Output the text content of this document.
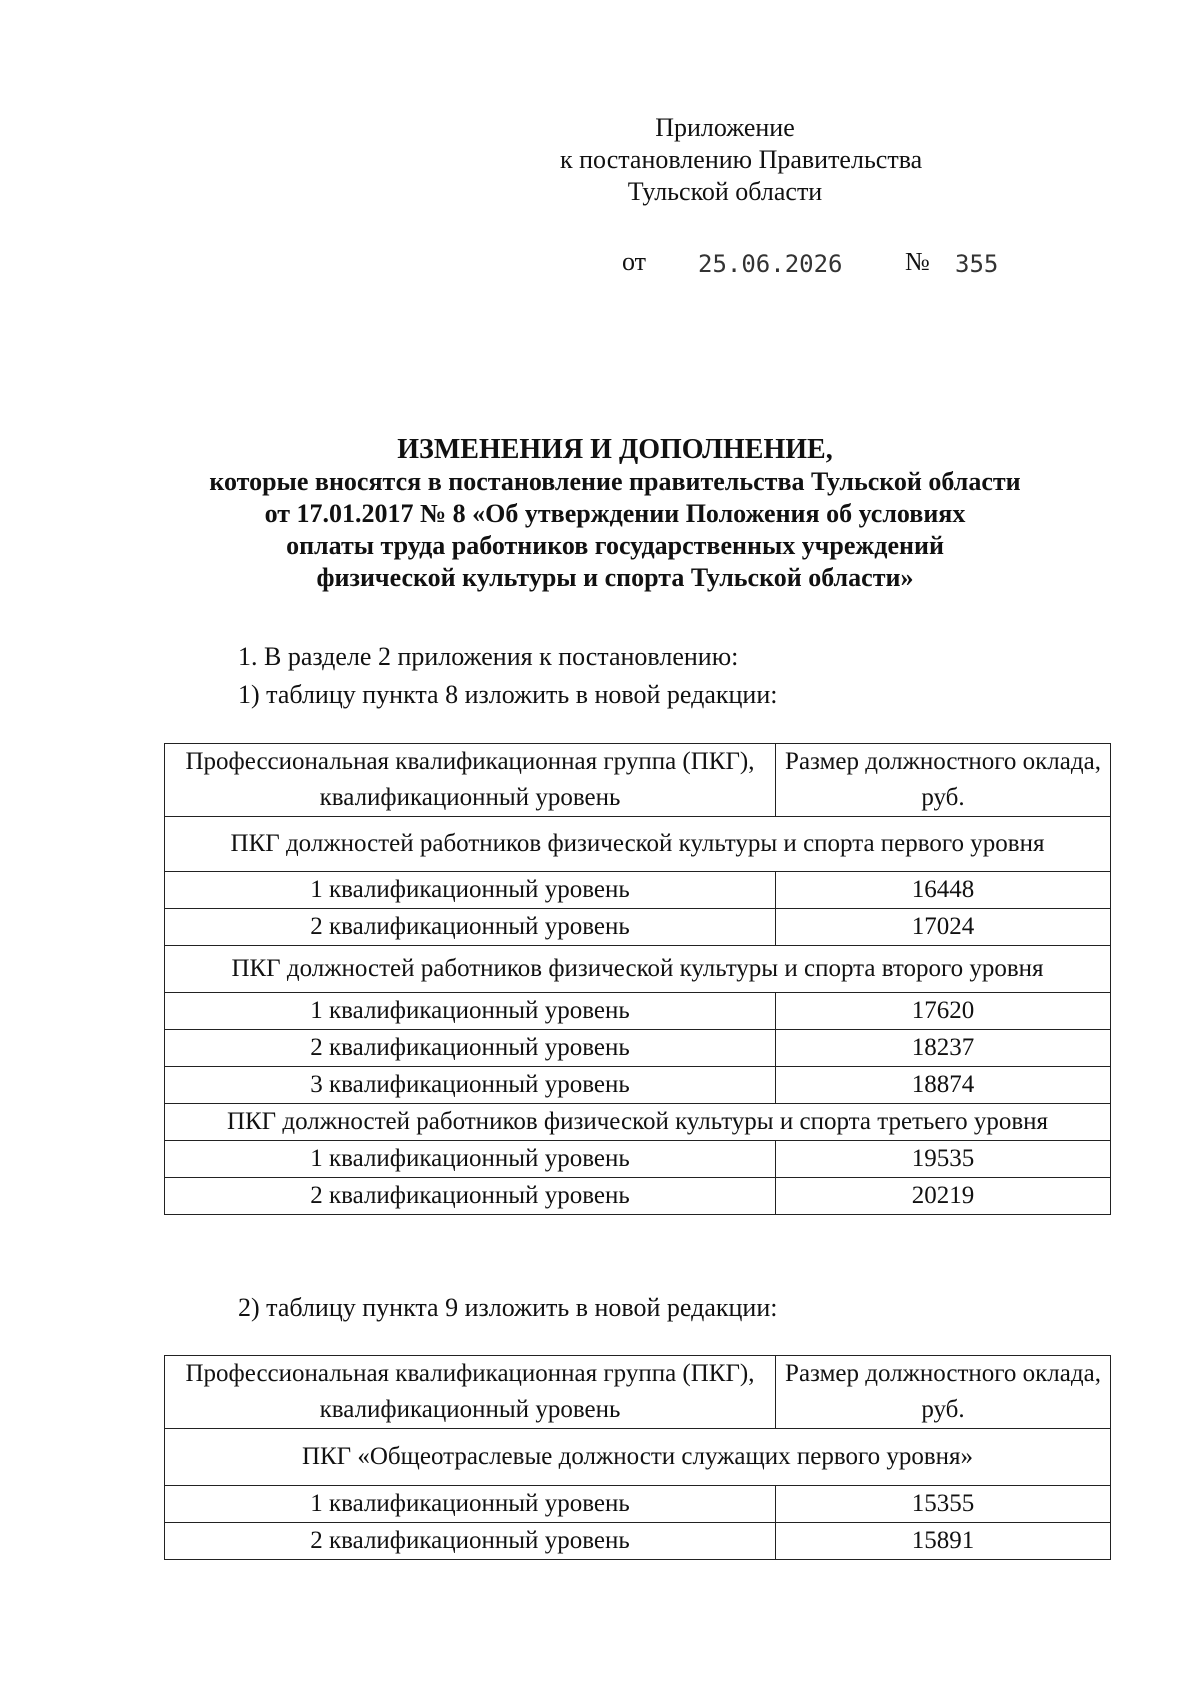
Приложение
к постановлению Правительства
Тульской области
от 25.06.2026 № 355
ИЗМЕНЕНИЯ И ДОПОЛНЕНИЕ,
которые вносятся в постановление правительства Тульской области
от 17.01.2017 № 8 «Об утверждении Положения об условиях
оплаты труда работников государственных учреждений
физической культуры и спорта Тульской области»
1. В разделе 2 приложения к постановлению:
1) таблицу пункта 8 изложить в новой редакции:
Профессиональная квалификационная группа (ПКГ), квалификационный уровень	Размер должностного оклада, руб.
ПКГ должностей работников физической культуры и спорта первого уровня	
1 квалификационный уровень	16448
2 квалификационный уровень	17024
ПКГ должностей работников физической культуры и спорта второго уровня	
1 квалификационный уровень	17620
2 квалификационный уровень	18237
3 квалификационный уровень	18874
ПКГ должностей работников физической культуры и спорта третьего уровня	
1 квалификационный уровень	19535
2 квалификационный уровень	20219
2) таблицу пункта 9 изложить в новой редакции:
Профессиональная квалификационная группа (ПКГ), квалификационный уровень	Размер должностного оклада, руб.
ПКГ «Общеотраслевые должности служащих первого уровня»	
1 квалификационный уровень	15355
2 квалификационный уровень	15891
